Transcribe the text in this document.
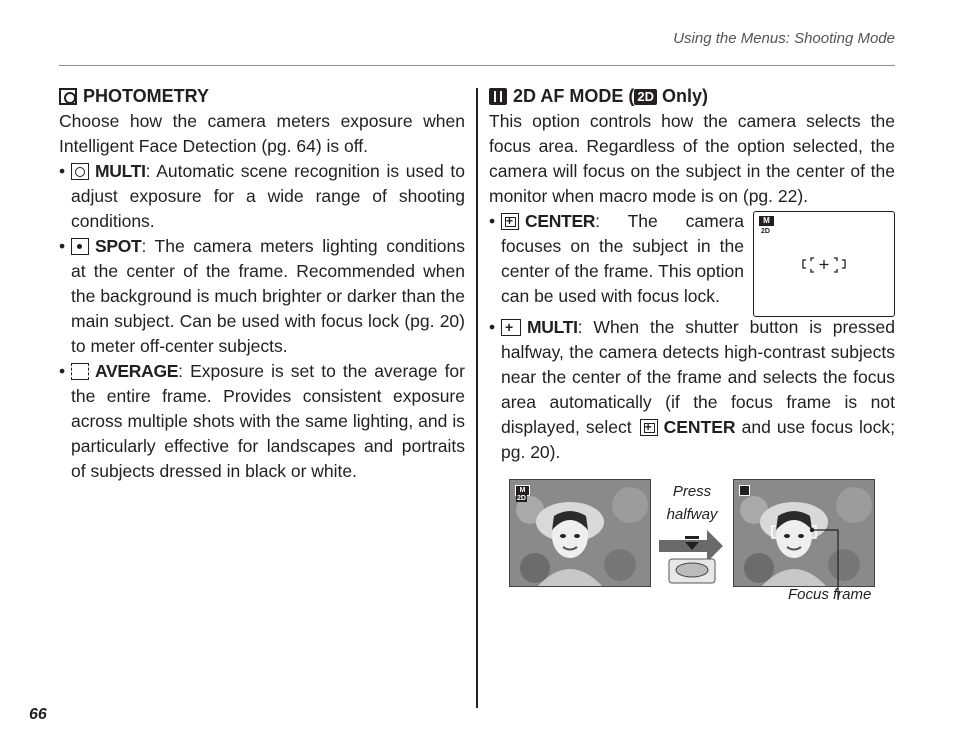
Using the Menus: Shooting Mode
PHOTOMETRY

Choose how the camera meters exposure when Intelligent Face Detection (pg. 64) is off.

• MULTI: Automatic scene recognition is used to adjust exposure for a wide range of shooting conditions.
• SPOT: The camera meters lighting conditions at the center of the frame. Recommended when the background is much brighter or darker than the main subject. Can be used with focus lock (pg. 20) to meter off-center subjects.
• AVERAGE: Exposure is set to the average for the entire frame. Provides consistent exposure across multiple shots with the same lighting, and is particularly effective for landscapes and portraits of subjects dressed in black or white.
2D AF MODE ( 2D Only)

This option controls how the camera selects the focus area. Regardless of the option selected, the camera will focus on the subject in the center of the monitor when macro mode is on (pg. 22).

+• CENTER: The camera focuses on the subject in the center of the frame. This option can be used with focus lock.
+• MULTI: When the shutter button is pressed halfway, the camera detects high-contrast subjects near the center of the frame and selects the focus area automatically (if the focus frame is not displayed, select +CENTER and use focus lock; pg. 20).
M
2D
M
2D	Press halfway
Focus frame
66
